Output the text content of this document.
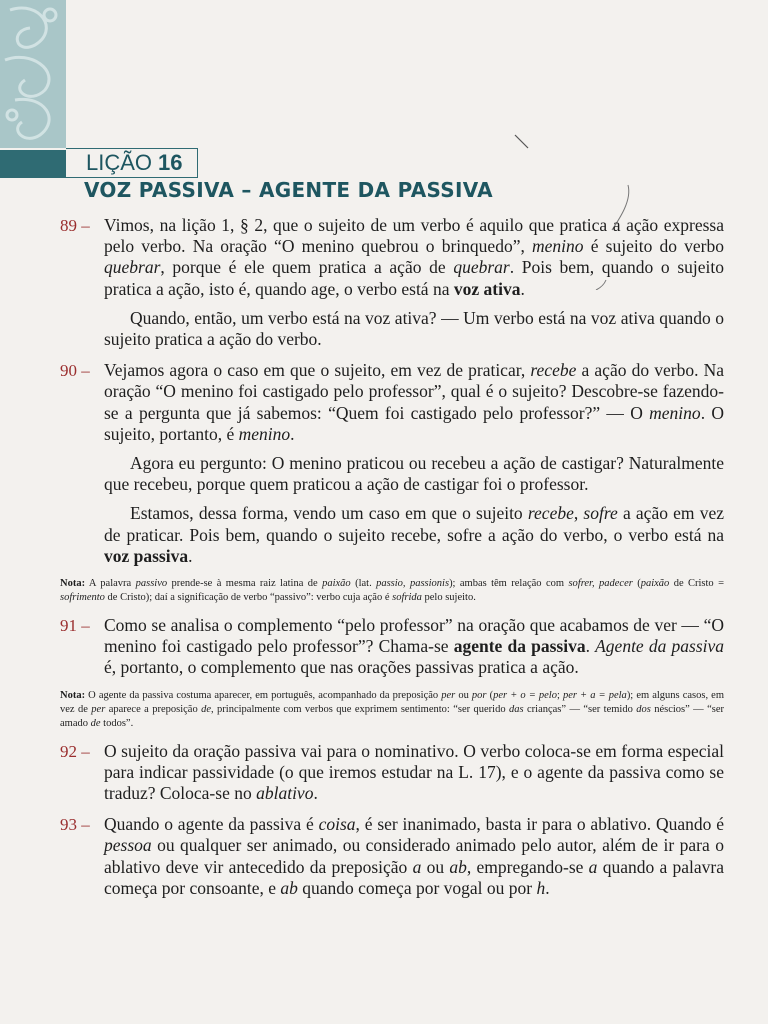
LIÇÃO 16
VOZ PASSIVA – AGENTE DA PASSIVA
89 – Vimos, na lição 1, § 2, que o sujeito de um verbo é aquilo que pratica a ação expressa pelo verbo. Na oração “O menino quebrou o brinquedo”, menino é sujeito do verbo quebrar, porque é ele quem pratica a ação de quebrar. Pois bem, quando o sujeito pratica a ação, isto é, quando age, o verbo está na voz ativa.

Quando, então, um verbo está na voz ativa? — Um verbo está na voz ativa quando o sujeito pratica a ação do verbo.

90 – Vejamos agora o caso em que o sujeito, em vez de praticar, recebe a ação do verbo. Na oração “O menino foi castigado pelo professor”, qual é o sujeito? Descobre-se fazendo-se a pergunta que já sabemos: “Quem foi castigado pelo professor?” — O menino. O sujeito, portanto, é menino.

Agora eu pergunto: O menino praticou ou recebeu a ação de castigar? Naturalmente que recebeu, porque quem praticou a ação de castigar foi o professor.

Estamos, dessa forma, vendo um caso em que o sujeito recebe, sofre a ação em vez de praticar. Pois bem, quando o sujeito recebe, sofre a ação do verbo, o verbo está na voz passiva.

Nota: A palavra passivo prende-se à mesma raiz latina de paixão (lat. passio, passionis); ambas têm relação com sofrer, padecer (paixão de Cristo = sofrimento de Cristo); daí a significação de verbo “passivo”: verbo cuja ação é sofrida pelo sujeito.

91 – Como se analisa o complemento “pelo professor” na oração que acabamos de ver — “O menino foi castigado pelo professor”? Chama-se agente da passiva. Agente da passiva é, portanto, o complemento que nas orações passivas pratica a ação.

Nota: O agente da passiva costuma aparecer, em português, acompanhado da preposição per ou por (per + o = pelo; per + a = pela); em alguns casos, em vez de per aparece a preposição de, principalmente com verbos que exprimem sentimento: “ser querido das crianças” — “ser temido dos néscios” — “ser amado de todos”.

92 – O sujeito da oração passiva vai para o nominativo. O verbo coloca-se em forma especial para indicar passividade (o que iremos estudar na L. 17), e o agente da passiva como se traduz? Coloca-se no ablativo.

93 – Quando o agente da passiva é coisa, é ser inanimado, basta ir para o ablativo. Quando é pessoa ou qualquer ser animado, ou considerado animado pelo autor, além de ir para o ablativo deve vir antecedido da preposição a ou ab, empregando-se a quando a palavra começa por consoante, e ab quando começa por vogal ou por h.
